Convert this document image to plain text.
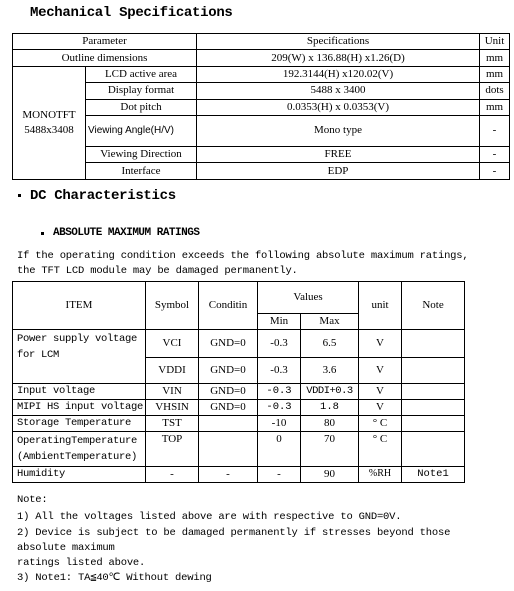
Mechanical Specifications
Parameter		Specifications	Unit
Outline dimensions		209(W) x 136.88(H) x1.26(D)	mm
MONOTFT 5488x3408	LCD active area	192.3144(H) x120.02(V)	mm
	Display format	5488 x 3400	dots
	Dot pitch	0.0353(H) x 0.0353(V)	mm
	Viewing Angle(H/V)	Mono type	-
	Viewing Direction	FREE	-
	Interface	EDP	-
DC Characteristics
ABSOLUTE MAXIMUM RATINGS
If the operating condition exceeds the following absolute maximum ratings,
the TFT LCD module may be damaged permanently.
ITEM	Symbol	Conditin	Values		unit	Note
			Min	Max		
Power supply voltage for LCM	VCI	GND=0	-0.3	6.5	V	
	VDDI	GND=0	-0.3	3.6	V	
Input voltage	VIN	GND=0	-0.3	VDDI+0.3	V	
MIPI HS input voltage	VHSIN	GND=0	-0.3	1.8	V	
Storage Temperature	TST		-10	80	° C	
OperatingTemperature (AmbientTemperature)	TOP		0	70	° C	
Humidity	-	-	-	90	%RH	Note1
Note:
1) All the voltages listed above are with respective to GND=0V.
2) Device is subject to be damaged permanently if stresses beyond those
absolute maximum
ratings listed above.
3) Note1: TA≦40℃ Without dewing
